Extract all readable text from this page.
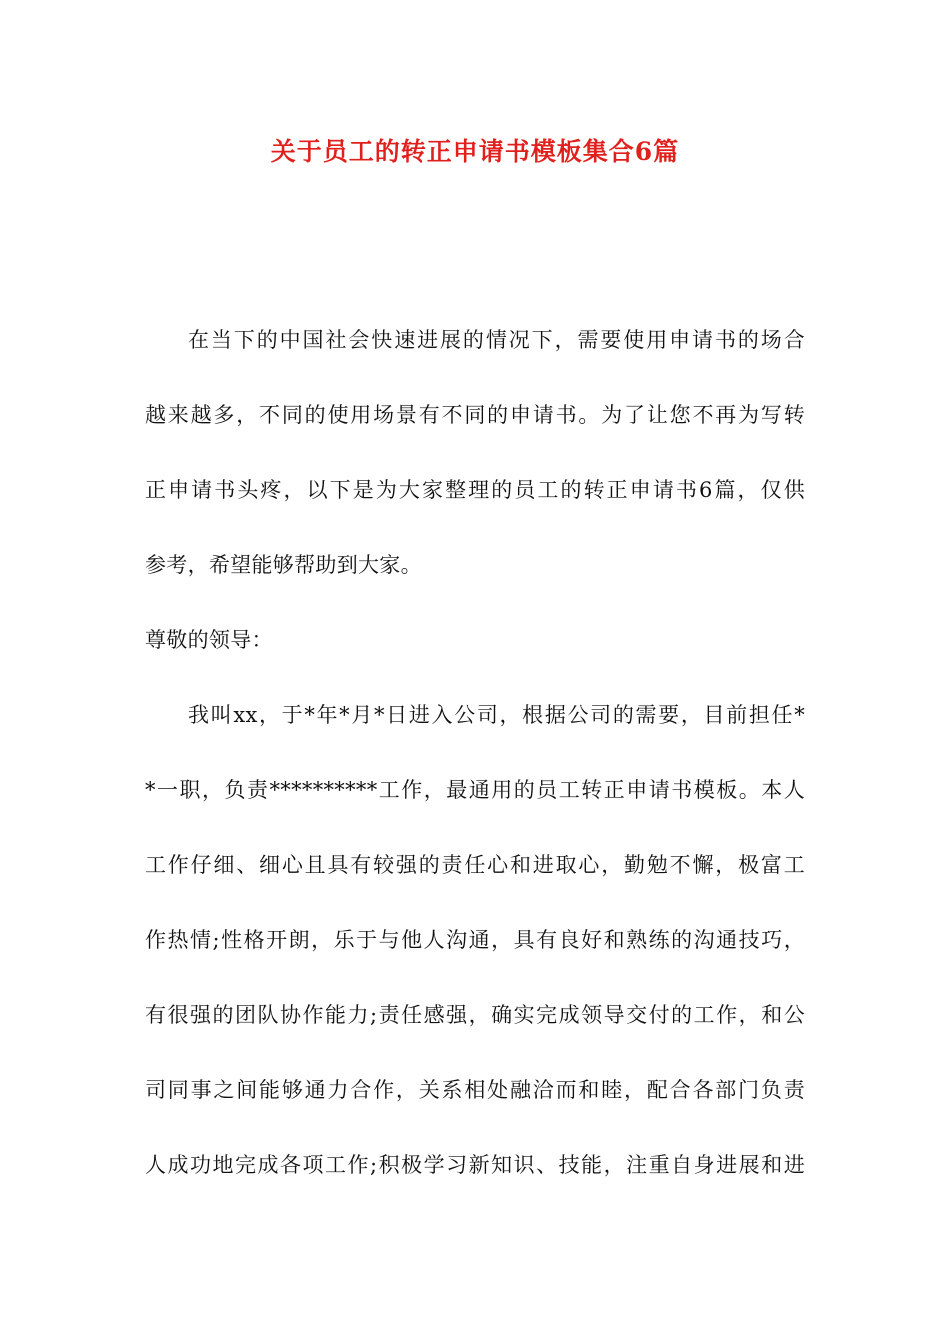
关于员工的转正申请书模板集合6篇
在当下的中国社会快速进展的情况下，需要使用申请书的场合
越来越多，不同的使用场景有不同的申请书。为了让您不再为写转
正申请书头疼，以下是为大家整理的员工的转正申请书6篇，仅供
参考，希望能够帮助到大家。
尊敬的领导：
我叫xx，于*年*月*日进入公司，根据公司的需要，目前担任*
*一职，负责**********工作，最通用的员工转正申请书模板。本人
工作仔细、细心且具有较强的责任心和进取心，勤勉不懈，极富工
作热情;性格开朗，乐于与他人沟通，具有良好和熟练的沟通技巧，
有很强的团队协作能力;责任感强，确实完成领导交付的工作，和公
司同事之间能够通力合作，关系相处融洽而和睦，配合各部门负责
人成功地完成各项工作;积极学习新知识、技能，注重自身进展和进
